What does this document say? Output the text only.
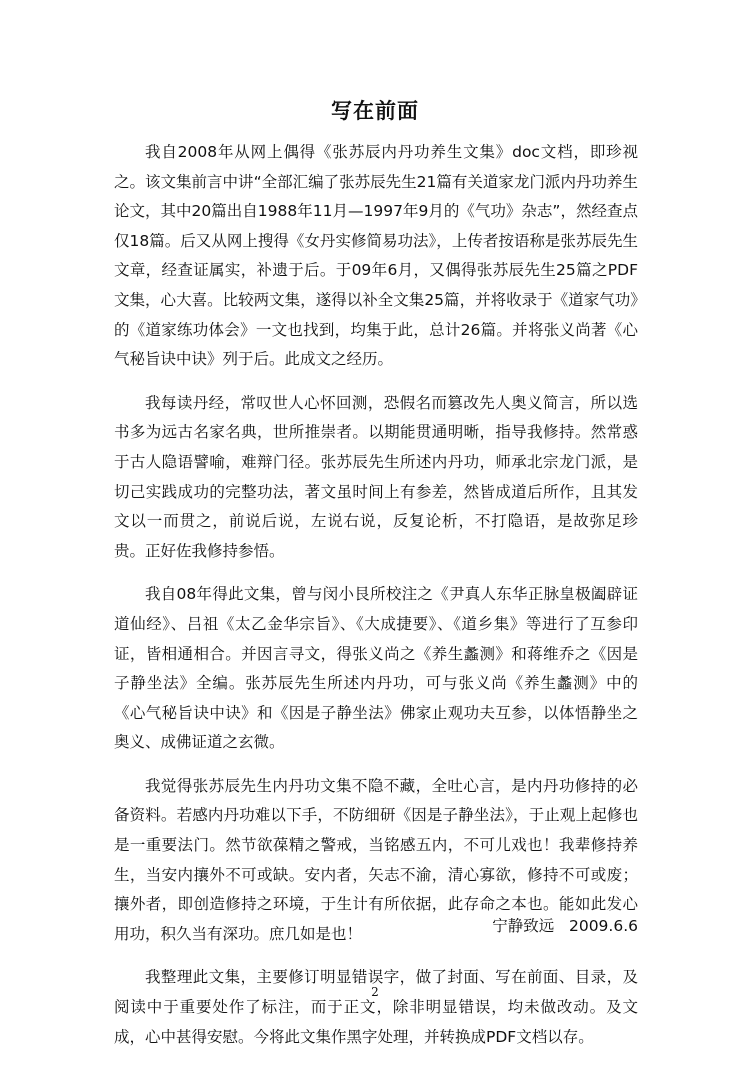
写在前面

我自2008年从网上偶得《张苏辰内丹功养生文集》doc文档，即珍视之。该文集前言中讲“全部汇编了张苏辰先生21篇有关道家龙门派内丹功养生论文，其中20篇出自1988年11月—1997年9月的《气功》杂志”，然经查点仅18篇。后又从网上搜得《女丹实修简易功法》，上传者按语称是张苏辰先生文章，经查证属实，补遗于后。于09年6月，又偶得张苏辰先生25篇之PDF文集，心大喜。比较两文集，遂得以补全文集25篇，并将收录于《道家气功》的《道家练功体会》一文也找到，均集于此，总计26篇。并将张义尚著《心气秘旨诀中诀》列于后。此成文之经历。

我每读丹经，常叹世人心怀回测，恐假名而篡改先人奥义简言，所以选书多为远古名家名典，世所推崇者。以期能贯通明晰，指导我修持。然常惑于古人隐语譬喻，难辩门径。张苏辰先生所述内丹功，师承北宗龙门派，是切己实践成功的完整功法，著文虽时间上有参差，然皆成道后所作，且其发文以一而贯之，前说后说，左说右说，反复论析，不打隐语，是故弥足珍贵。正好佐我修持参悟。

我自08年得此文集，曾与闵小艮所校注之《尹真人东华正脉皇极阖辟证道仙经》、吕祖《太乙金华宗旨》、《大成捷要》、《道乡集》等进行了互参印证，皆相通相合。并因言寻文，得张义尚之《养生蠡测》和蒋维乔之《因是子静坐法》全编。张苏辰先生所述内丹功，可与张义尚《养生蠡测》中的《心气秘旨诀中诀》和《因是子静坐法》佛家止观功夫互参，以体悟静坐之奥义、成佛证道之玄微。

我觉得张苏辰先生内丹功文集不隐不藏，全吐心言，是内丹功修持的必备资料。若感内丹功难以下手，不防细研《因是子静坐法》，于止观上起修也是一重要法门。然节欲葆精之警戒，当铭感五内，不可儿戏也！我辈修持养生，当安内攘外不可或缺。安内者，矢志不渝，清心寡欲，修持不可或废；攘外者，即创造修持之环境，于生计有所依据，此存命之本也。能如此发心用功，积久当有深功。庶几如是也！

我整理此文集，主要修订明显错误字，做了封面、写在前面、目录，及阅读中于重要处作了标注，而于正文，除非明显错误，均未做改动。及文成，心中甚得安慰。今将此文集作黑字处理，并转换成PDF文档以存。

宁静致远   2009.6.6
2
